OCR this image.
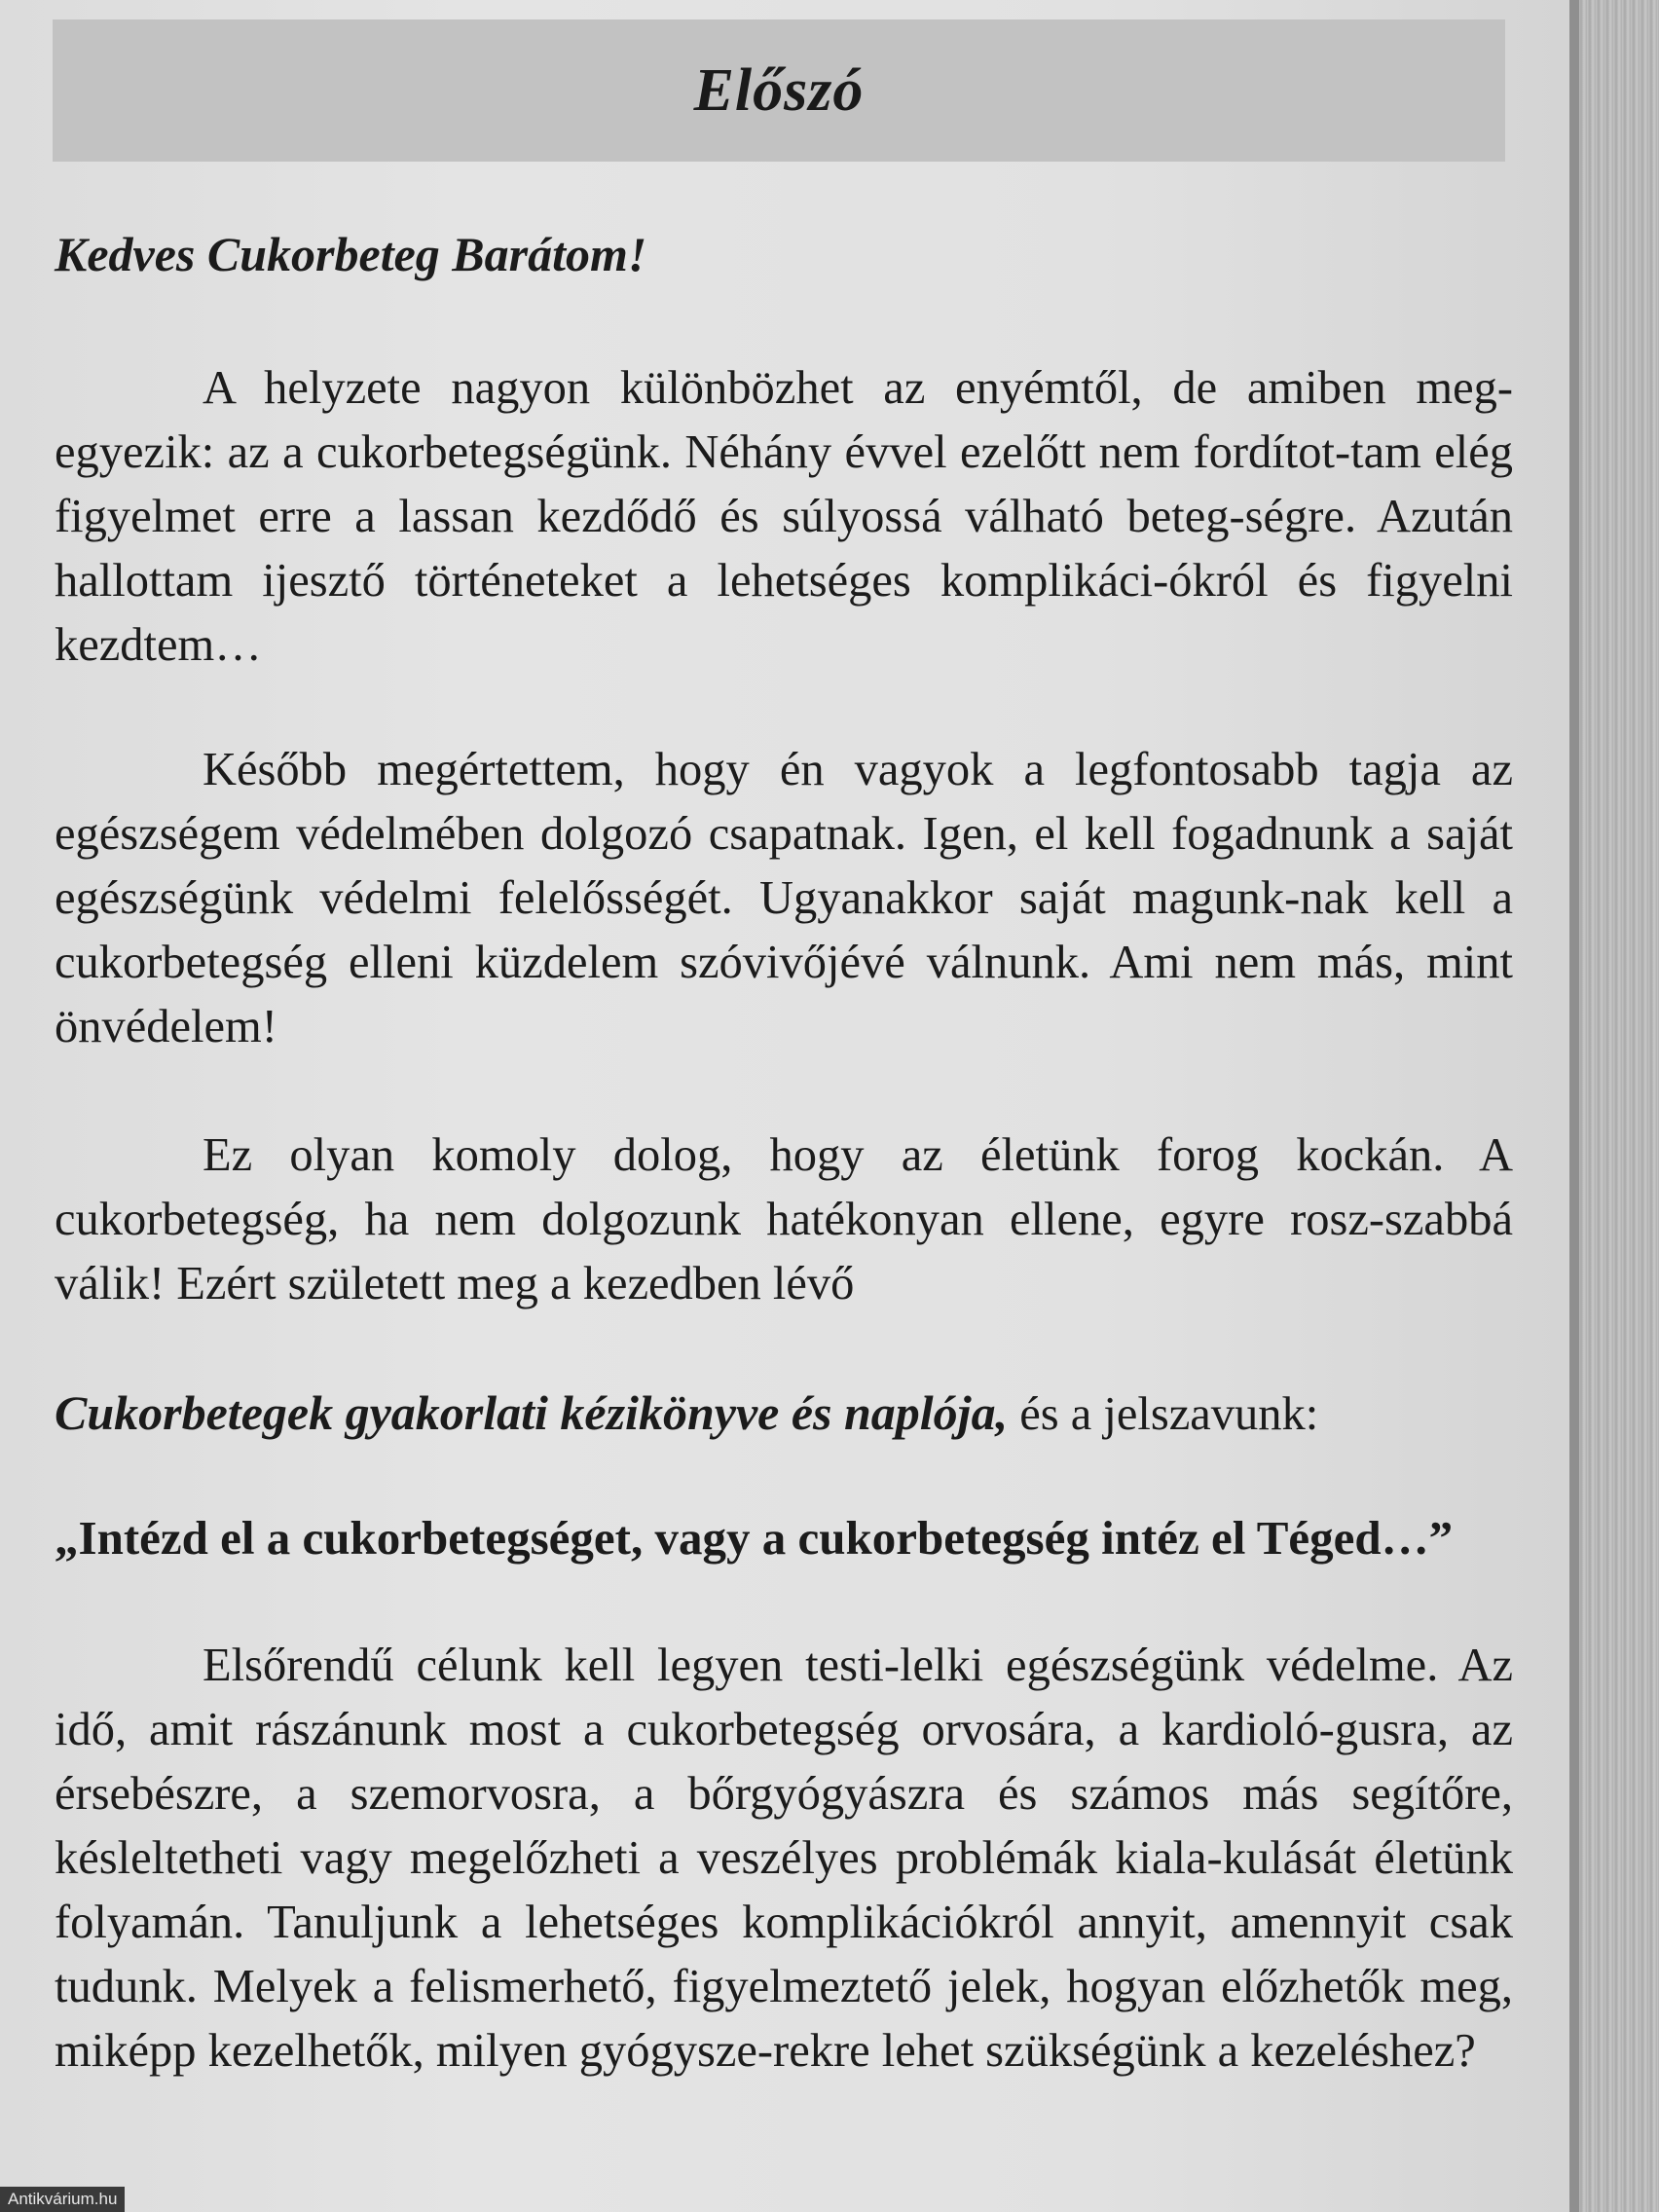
Előszó
Kedves Cukorbeteg Barátom!

A helyzete nagyon különbözhet az enyémtől, de amiben meg-egyezik: az a cukorbetegségünk. Néhány évvel ezelőtt nem fordítot-tam elég figyelmet erre a lassan kezdődő és súlyossá válható beteg-ségre. Azután hallottam ijesztő történeteket a lehetséges komplikáci-ókról és figyelni kezdtem…

Később megértettem, hogy én vagyok a legfontosabb tagja az egészségem védelmében dolgozó csapatnak. Igen, el kell fogadnunk a saját egészségünk védelmi felelősségét. Ugyanakkor saját magunk-nak kell a cukorbetegség elleni küzdelem szóvivőjévé válnunk. Ami nem más, mint önvédelem!

Ez olyan komoly dolog, hogy az életünk forog kockán. A cukorbetegség, ha nem dolgozunk hatékonyan ellene, egyre rosz-szabbá válik! Ezért született meg a kezedben lévő

Cukorbetegek gyakorlati kézikönyve és naplója, és a jelszavunk:
„Intézd el a cukorbetegséget, vagy a cukorbetegség intéz el Téged…”

Elsőrendű célunk kell legyen testi-lelki egészségünk védelme. Az idő, amit rászánunk most a cukorbetegség orvosára, a kardioló-gusra, az érsebészre, a szemorvosra, a bőrgyógyászra és számos más segítőre, késleltetheti vagy megelőzheti a veszélyes problémák kiala-kulását életünk folyamán. Tanuljunk a lehetséges komplikációkról annyit, amennyit csak tudunk. Melyek a felismerhető, figyelmeztető jelek, hogyan előzhetők meg, miképp kezelhetők, milyen gyógysze-rekre lehet szükségünk a kezeléshez?

Antikvárium.hu
